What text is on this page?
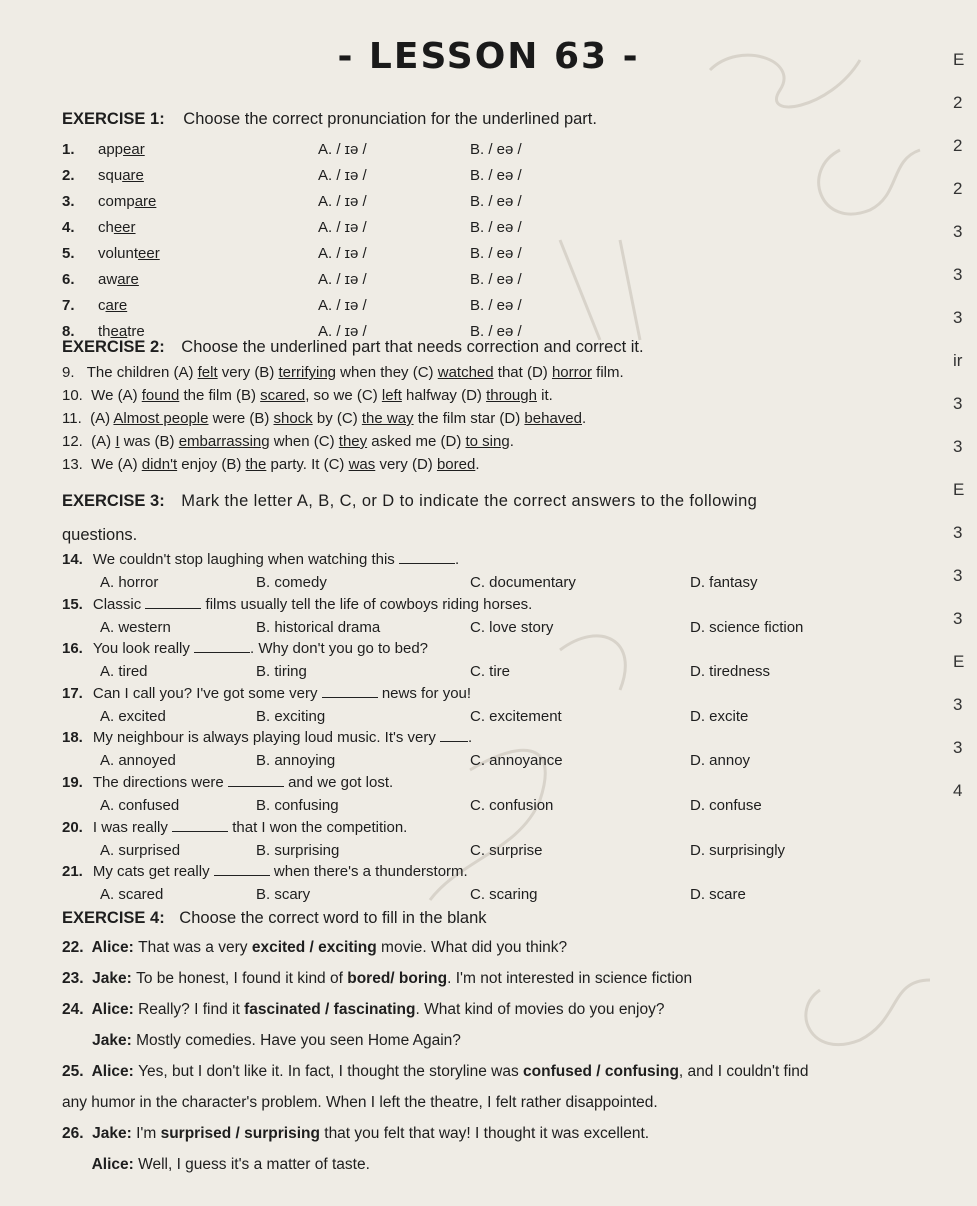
- LESSON 63 -
EXERCISE 1: Choose the correct pronunciation for the underlined part.
1. appear	A. / ɪə /	B. / eə /
2. square	A. / ɪə /	B. / eə /
3. compare	A. / ɪə /	B. / eə /
4. cheer	A. / ɪə /	B. / eə /
5. volunteer	A. / ɪə /	B. / eə /
6. aware	A. / ɪə /	B. / eə /
7. care	A. / ɪə /	B. / eə /
8. theatre	A. / ɪə /	B. / eə /
EXERCISE 2: Choose the underlined part that needs correction and correct it.
9.   The children (A) felt very (B) terrifying when they (C) watched that (D) horror film.
10.  We (A) found the film (B) scared, so we (C) left halfway (D) through it.
11.  (A) Almost people were (B) shock by (C) the way the film star (D) behaved.
12.  (A) I was (B) embarrassing when (C) they asked me (D) to sing.
13.  We (A) didn't enjoy (B) the party. It (C) was very (D) bored.
EXERCISE 3: Mark the letter A, B, C, or D to indicate the correct answers to the following
questions.
14. We couldn't stop laughing when watching this	.
A. horror	B. comedy	C. documentary	D. fantasy
15. Classic	films usually tell the life of cowboys riding horses.
A. western	B. historical drama	C. love story	D. science fiction
16. You look really	. Why don't you go to bed?
A. tired	B. tiring	C. tire	D. tiredness
17. Can I call you? I've got some very	news for you!
A. excited	B. exciting	C. excitement	D. excite
18. My neighbour is always playing loud music. It's very .
A. annoyed	B. annoying	C. annoyance	D. annoy
19. The directions were	and we got lost.
A. confused	B. confusing	C. confusion	D. confuse
20. I was really	that I won the competition.
A. surprised	B. surprising	C. surprise	D. surprisingly
21. My cats get really	when there's a thunderstorm.
A. scared	B. scary	C. scaring	D. scare
EXERCISE 4: Choose the correct word to fill in the blank
22.  Alice: That was a very excited / exciting movie. What did you think?
23.  Jake: To be honest, I found it kind of bored/ boring. I'm not interested in science fiction
24.  Alice: Really? I find it fascinated / fascinating. What kind of movies do you enjoy?
Jake: Mostly comedies. Have you seen Home Again?
25.  Alice: Yes, but I don't like it. In fact, I thought the storyline was confused / confusing, and I couldn't find
any humor in the character's problem. When I left the theatre, I felt rather disappointed.
26.  Jake: I'm surprised / surprising that you felt that way! I thought it was excellent.
Alice: Well, I guess it's a matter of taste.
E
2
2
2
3
3
3
ir
3
3
E
3
3
3
E
3
3
4
